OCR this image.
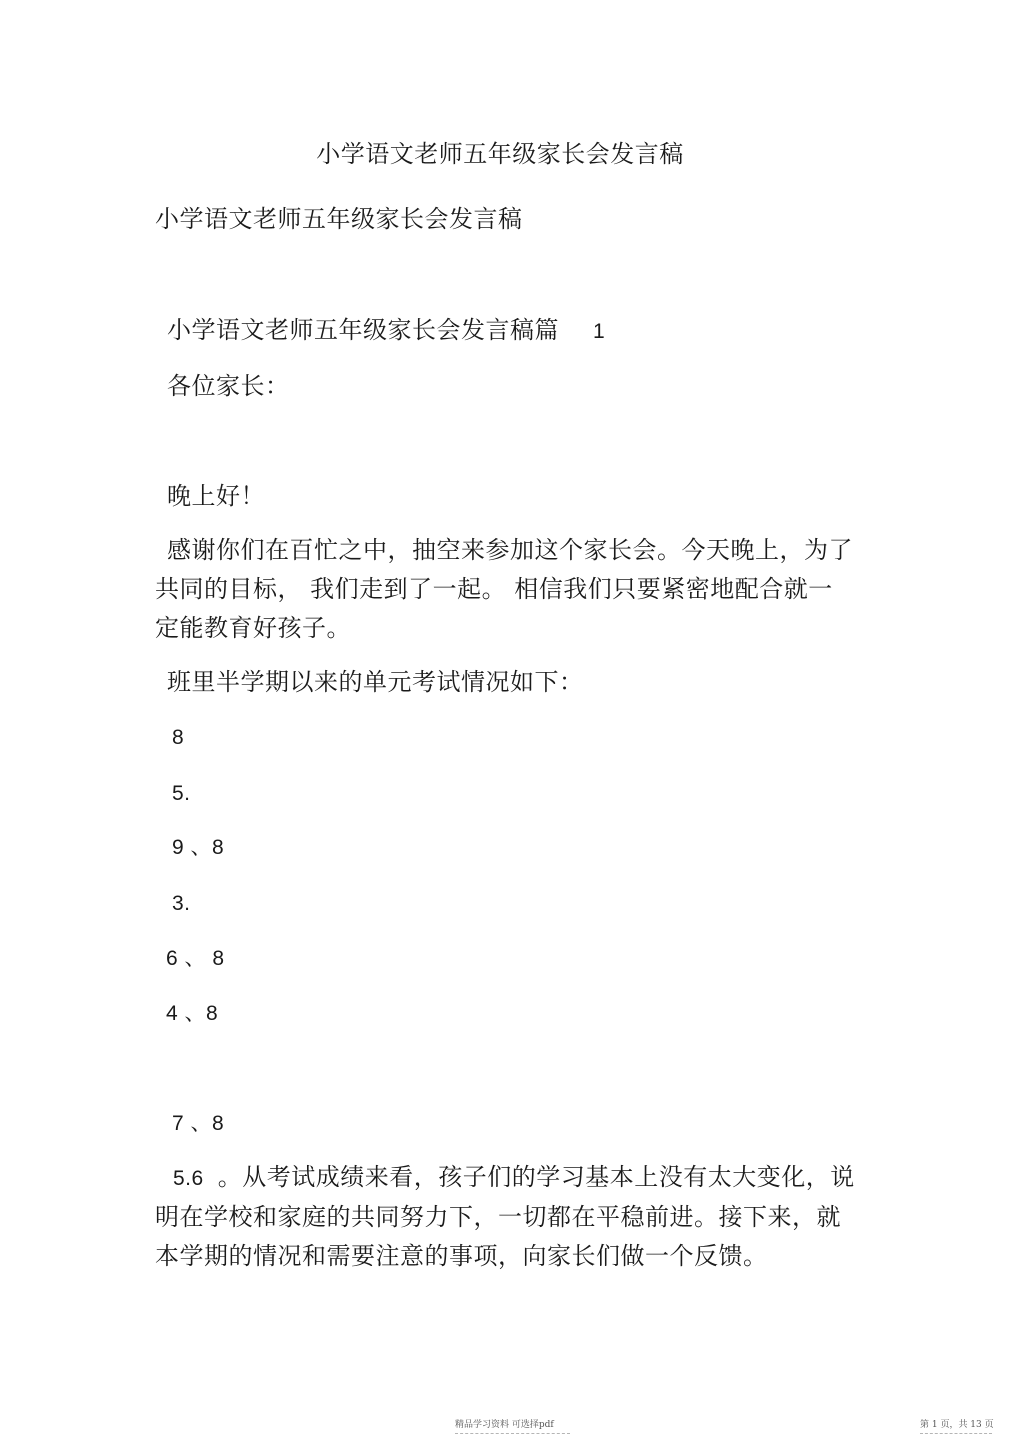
小学语文老师五年级家长会发言稿
小学语文老师五年级家长会发言稿
小学语文老师五年级家长会发言稿篇 1
各位家长：
晚上好！
感谢你们在百忙之中，抽空来参加这个家长会。今天晚上，为了共同的目标， 我们走到了一起。 相信我们只要紧密地配合就一定能教育好孩子。
班里半学期以来的单元考试情况如下：
8
5.
9 、8
3.
6 、 8
4 、8
7 、8
5.6 。从考试成绩来看，孩子们的学习基本上没有太大变化，说明在学校和家庭的共同努力下，一切都在平稳前进。接下来，就本学期的情况和需要注意的事项，向家长们做一个反馈。
精品学习资料 可选择pdf	第 1 页，共 13 页
